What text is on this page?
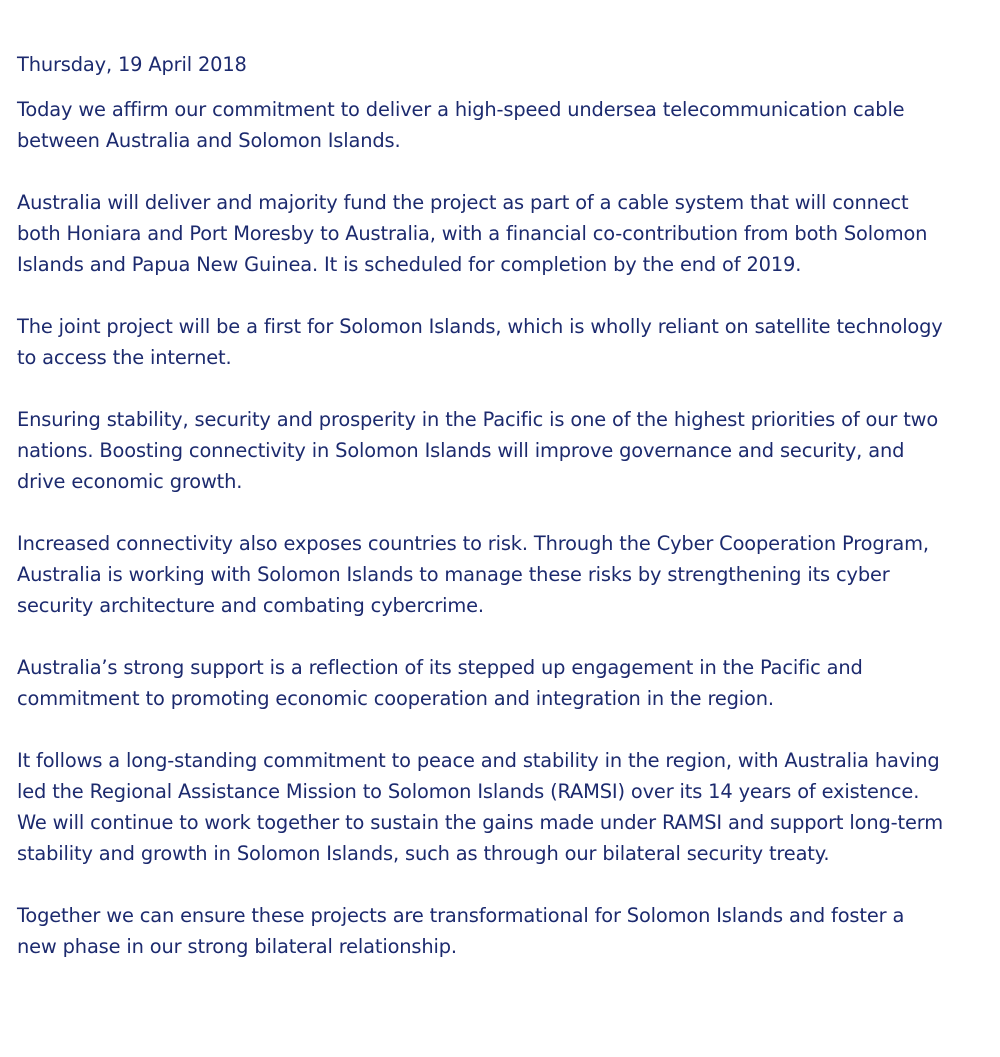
Thursday, 19 April 2018

Today we affirm our commitment to deliver a high-speed undersea telecommunication cable between Australia and Solomon Islands.

Australia will deliver and majority fund the project as part of a cable system that will connect both Honiara and Port Moresby to Australia, with a financial co-contribution from both Solomon Islands and Papua New Guinea. It is scheduled for completion by the end of 2019.

The joint project will be a first for Solomon Islands, which is wholly reliant on satellite technology to access the internet.

Ensuring stability, security and prosperity in the Pacific is one of the highest priorities of our two nations. Boosting connectivity in Solomon Islands will improve governance and security, and drive economic growth.

Increased connectivity also exposes countries to risk. Through the Cyber Cooperation Program, Australia is working with Solomon Islands to manage these risks by strengthening its cyber security architecture and combating cybercrime.

Australia’s strong support is a reflection of its stepped up engagement in the Pacific and commitment to promoting economic cooperation and integration in the region.

It follows a long-standing commitment to peace and stability in the region, with Australia having led the Regional Assistance Mission to Solomon Islands (RAMSI) over its 14 years of existence. We will continue to work together to sustain the gains made under RAMSI and support long-term stability and growth in Solomon Islands, such as through our bilateral security treaty.

Together we can ensure these projects are transformational for Solomon Islands and foster a new phase in our strong bilateral relationship.
